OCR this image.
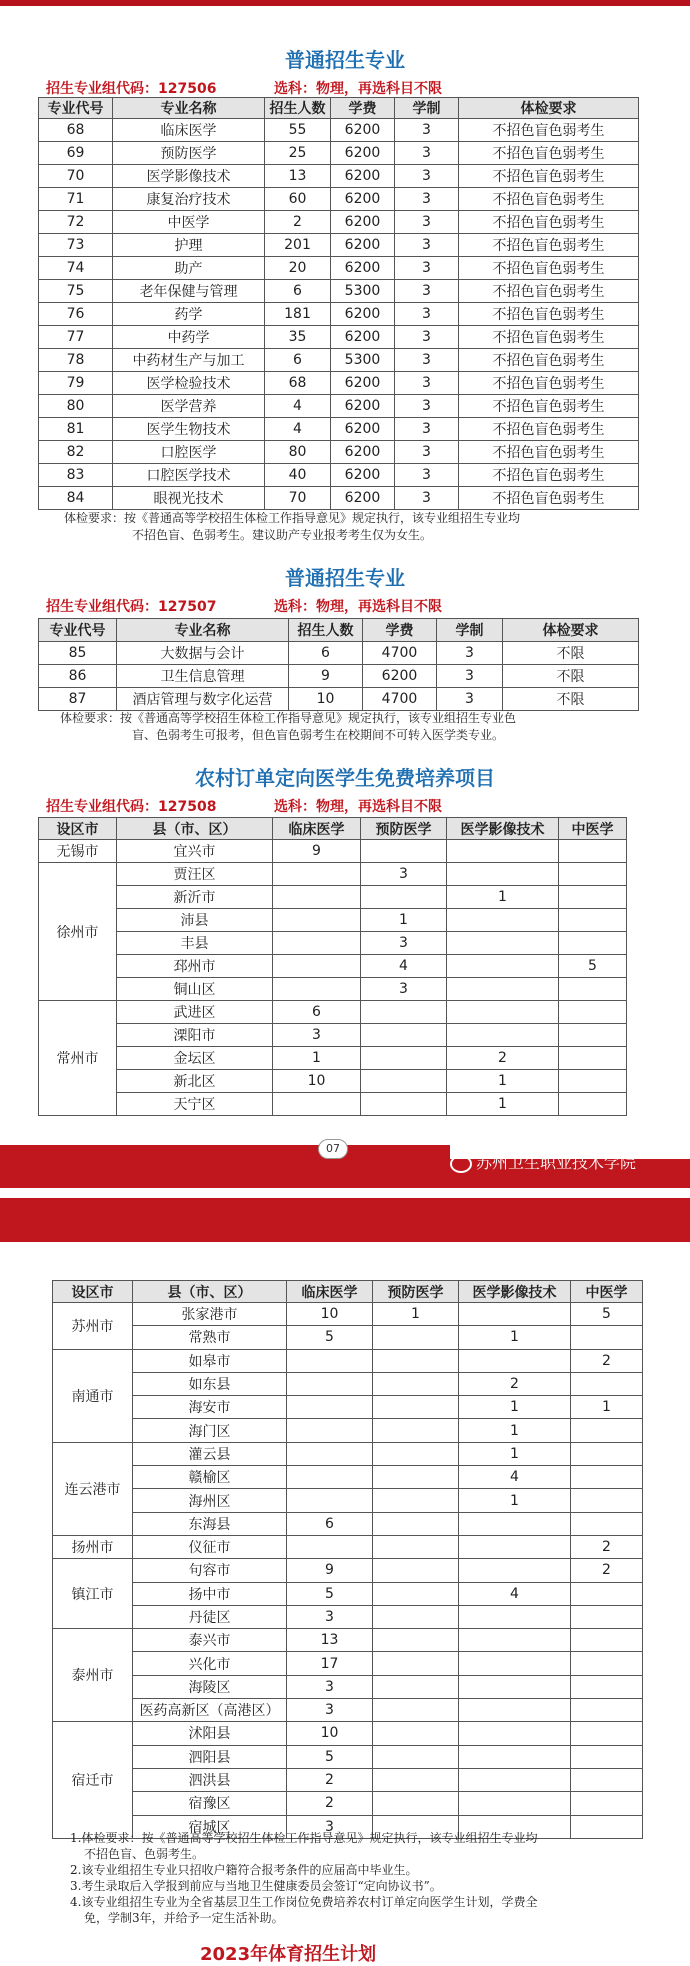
普通招生专业
招生专业组代码：127506	选科：物理，再选科目不限
专业代号	专业名称	招生人数	学费	学制	体检要求
68	临床医学	55	6200	3	不招色盲色弱考生
69	预防医学	25	6200	3	不招色盲色弱考生
70	医学影像技术	13	6200	3	不招色盲色弱考生
71	康复治疗技术	60	6200	3	不招色盲色弱考生
72	中医学	2	6200	3	不招色盲色弱考生
73	护理	201	6200	3	不招色盲色弱考生
74	助产	20	6200	3	不招色盲色弱考生
75	老年保健与管理	6	5300	3	不招色盲色弱考生
76	药学	181	6200	3	不招色盲色弱考生
77	中药学	35	6200	3	不招色盲色弱考生
78	中药材生产与加工	6	5300	3	不招色盲色弱考生
79	医学检验技术	68	6200	3	不招色盲色弱考生
80	医学营养	4	6200	3	不招色盲色弱考生
81	医学生物技术	4	6200	3	不招色盲色弱考生
82	口腔医学	80	6200	3	不招色盲色弱考生
83	口腔医学技术	40	6200	3	不招色盲色弱考生
84	眼视光技术	70	6200	3	不招色盲色弱考生
体检要求：按《普通高等学校招生体检工作指导意见》规定执行，该专业组招生专业均
不招色盲、色弱考生。建议助产专业报考考生仅为女生。
普通招生专业
招生专业组代码：127507	选科：物理，再选科目不限
专业代号	专业名称	招生人数	学费	学制	体检要求
85	大数据与会计	6	4700	3	不限
86	卫生信息管理	9	6200	3	不限
87	酒店管理与数字化运营	10	4700	3	不限
体检要求：按《普通高等学校招生体检工作指导意见》规定执行，该专业组招生专业色
盲、色弱考生可报考，但色盲色弱考生在校期间不可转入医学类专业。
农村订单定向医学生免费培养项目
招生专业组代码：127508	选科：物理，再选科目不限
设区市	县（市、区）	临床医学	预防医学	医学影像技术	中医学
无锡市	宜兴市	9			
徐州市	贾汪区		3		
	新沂市			1	
	沛县		1		
	丰县		3		
	邳州市		4		5
	铜山区		3		
常州市	武进区	6			
	溧阳市	3			
	金坛区	1		2	
	新北区	10		1	
	天宁区			1	
07
苏州卫生职业技术学院
设区市	县（市、区）	临床医学	预防医学	医学影像技术	中医学
苏州市	张家港市	10	1		5
	常熟市	5		1	
南通市	如皋市				2
	如东县			2	
	海安市			1	1
	海门区			1	
连云港市	灌云县			1	
	赣榆区			4	
	海州区			1	
	东海县	6			
扬州市	仪征市				2
镇江市	句容市	9			2
	扬中市	5		4	
	丹徒区	3			
泰州市	泰兴市	13			
	兴化市	17			
	海陵区	3			
	医药高新区（高港区）	3			
宿迁市	沭阳县	10			
	泗阳县	5			
	泗洪县	2			
	宿豫区	2			
	宿城区	3			
1.体检要求：按《普通高等学校招生体检工作指导意见》规定执行，该专业组招生专业均
不招色盲、色弱考生。
2.该专业组招生专业只招收户籍符合报考条件的应届高中毕业生。
3.考生录取后入学报到前应与当地卫生健康委员会签订“定向协议书”。
4.该专业组招生专业为全省基层卫生工作岗位免费培养农村订单定向医学生计划，学费全
免，学制3年，并给予一定生活补助。
2023年体育招生计划
